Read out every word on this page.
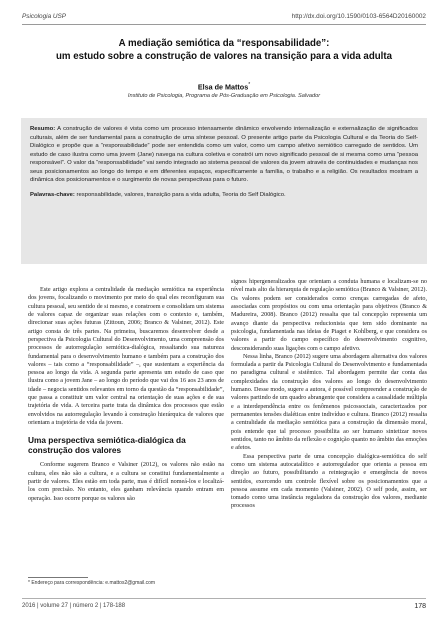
Psicologia USP	http://dx.doi.org/10.1590/0103-6564D20160002
A mediação semiótica da “responsabilidade”:
um estudo sobre a construção de valores na transição para a vida adulta
Elsa de Mattos*
Instituto de Psicologia, Programa de Pós-Graduação em Psicologia. Salvador
Resumo: A construção de valores é vista como um processo intensamente dinâmico envolvendo internalização e externalização de significados culturais, além de ser fundamental para a construção de uma síntese pessoal. O presente artigo parte da Psicologia Cultural e da Teoria do Self-Dialógico e propõe que a “responsabilidade” pode ser entendida como um valor, como um campo afetivo semiótico carregado de sentidos. Um estudo de caso ilustra como uma jovem (Jane) navega na cultura coletiva e constrói um novo significado pessoal de si mesma como uma “pessoa responsável”. O valor da “responsabilidade” vai sendo integrado ao sistema pessoal de valores da jovem através de continuidades e mudanças nos seus posicionamentos ao longo do tempo e em diferentes espaços, especificamente a família, o trabalho e a religião. Os resultados mostram a dinâmica dos posicionamentos e o surgimento de novas perspectivas para o futuro.
Palavras-chave: responsabilidade, valores, transição para a vida adulta, Teoria do Self Dialógico.

Este artigo explora a centralidade da mediação semiótica na experiência dos jovens, focalizando o movimento por meio do qual eles reconfiguram sua cultura pessoal, seu sentido de si mesmo, e constroem e consolidam um sistema de valores capaz de organizar suas relações com o contexto e, também, direcionar suas ações futuras (Zittoun, 2006; Branco & Valsiner, 2012). Este artigo consta de três partes. Na primeira, buscaremos desenvolver desde a perspectiva da Psicologia Cultural do Desenvolvimento, uma compreensão dos processos de autorregulação semiótica-dialógica, ressaltando sua natureza fundamental para o desenvolvimento humano e também para a construção dos valores – tais como a “responsabilidade” –, que sustentam a experiência da pessoa ao longo da vida. A segunda parte apresenta um estudo de caso que ilustra como a jovem Jane – ao longo do período que vai dos 16 aos 23 anos de idade – negocia sentidos relevantes em torno da questão da “responsabilidade”, que passa a constituir um valor central na orientação de suas ações e de sua trajetória de vida. A terceira parte trata da dinâmica dos processos que estão envolvidos na autorregulação levando à construção hierárquica de valores que orientam a trajetória de vida da jovem.

Uma perspectiva semiótica-dialógica da construção dos valores

Conforme sugerem Branco e Valsiner (2012), os valores não estão na cultura, eles não são a cultura, e a cultura se constitui fundamentalmente a partir de valores. Eles estão em toda parte, mas é difícil nomeá-los e localizá-los com precisão. No entanto, eles ganham relevância quando entram em operação. Isso ocorre porque os valores são

signos hipergeneralizados que orientam a conduta humana e localizam-se no nível mais alto da hierarquia de regulação semiótica (Branco & Valsiner, 2012). Os valores podem ser considerados como crenças carregadas de afeto, associadas com propósitos ou com uma orientação para objetivos (Branco & Madureira, 2008). Branco (2012) ressalta que tal concepção representa um avanço diante da perspectiva reducionista que tem sido dominante na psicologia, fundamentada nas ideias de Piaget e Kohlberg, e que considera os valores a partir do campo específico do desenvolvimento cognitivo, desconsiderando suas ligações com o campo afetivo.

Nessa linha, Branco (2012) sugere uma abordagem alternativa dos valores formulada a partir da Psicologia Cultural do Desenvolvimento e fundamentada no paradigma cultural e sistêmico. Tal abordagem permite dar conta das complexidades da construção dos valores ao longo do desenvolvimento humano. Desse modo, sugere a autora, é possível compreender a construção de valores partindo de um quadro abrangente que considera a causalidade múltipla e a interdependência entre os fenômenos psicossociais, caracterizados por permanentes tensões dialéticas entre indivíduo e cultura. Branco (2012) ressalta a centralidade da mediação semiótica para a construção da dimensão moral, pois entende que tal processo possibilita ao ser humano sintetizar novos sentidos, tanto no âmbito da reflexão e cognição quanto no âmbito das emoções e afetos.

Essa perspectiva parte de uma concepção dialógica-semiótica do self como um sistema autocatalítico e autorregulador que orienta a pessoa em direção ao futuro, possibilitando a reintegração e emergência de novos sentidos, exercendo um controle flexível sobre os posicionamentos que a pessoa assume em cada momento (Valsiner, 2002). O self pode, assim, ser tomado como uma instância reguladora da construção dos valores, mediante processos

* Endereço para correspondência: e.mattos2@gmail.com
2016 | volume 27 | número 2 | 178-188	178
